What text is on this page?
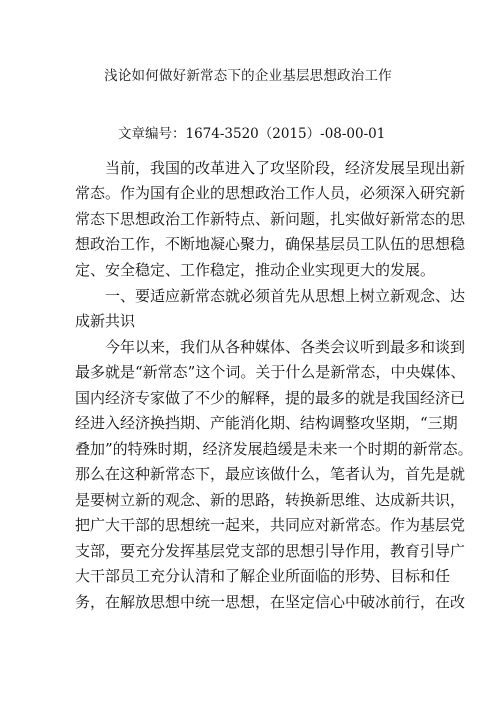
浅论如何做好新常态下的企业基层思想政治工作
文章编号：1674-3520（2015）-08-00-01
　　当前，我国的改革进入了攻坚阶段，经济发展呈现出新
常态。作为国有企业的思想政治工作人员，必须深入研究新
常态下思想政治工作新特点、新问题，扎实做好新常态的思
想政治工作，不断地凝心聚力，确保基层员工队伍的思想稳
定、安全稳定、工作稳定，推动企业实现更大的发展。
　　一、要适应新常态就必须首先从思想上树立新观念、达
成新共识
　　今年以来，我们从各种媒体、各类会议听到最多和谈到
最多就是“新常态”这个词。关于什么是新常态，中央媒体、
国内经济专家做了不少的解释，提的最多的就是我国经济已
经进入经济换挡期、产能消化期、结构调整攻坚期，“三期
叠加”的特殊时期，经济发展趋缓是未来一个时期的新常态。
那么在这种新常态下，最应该做什么，笔者认为，首先是就
是要树立新的观念、新的思路，转换新思维、达成新共识，
把广大干部的思想统一起来，共同应对新常态。作为基层党
支部，要充分发挥基层党支部的思想引导作用，教育引导广
大干部员工充分认清和了解企业所面临的形势、目标和任
务，在解放思想中统一思想，在坚定信心中破冰前行，在改
